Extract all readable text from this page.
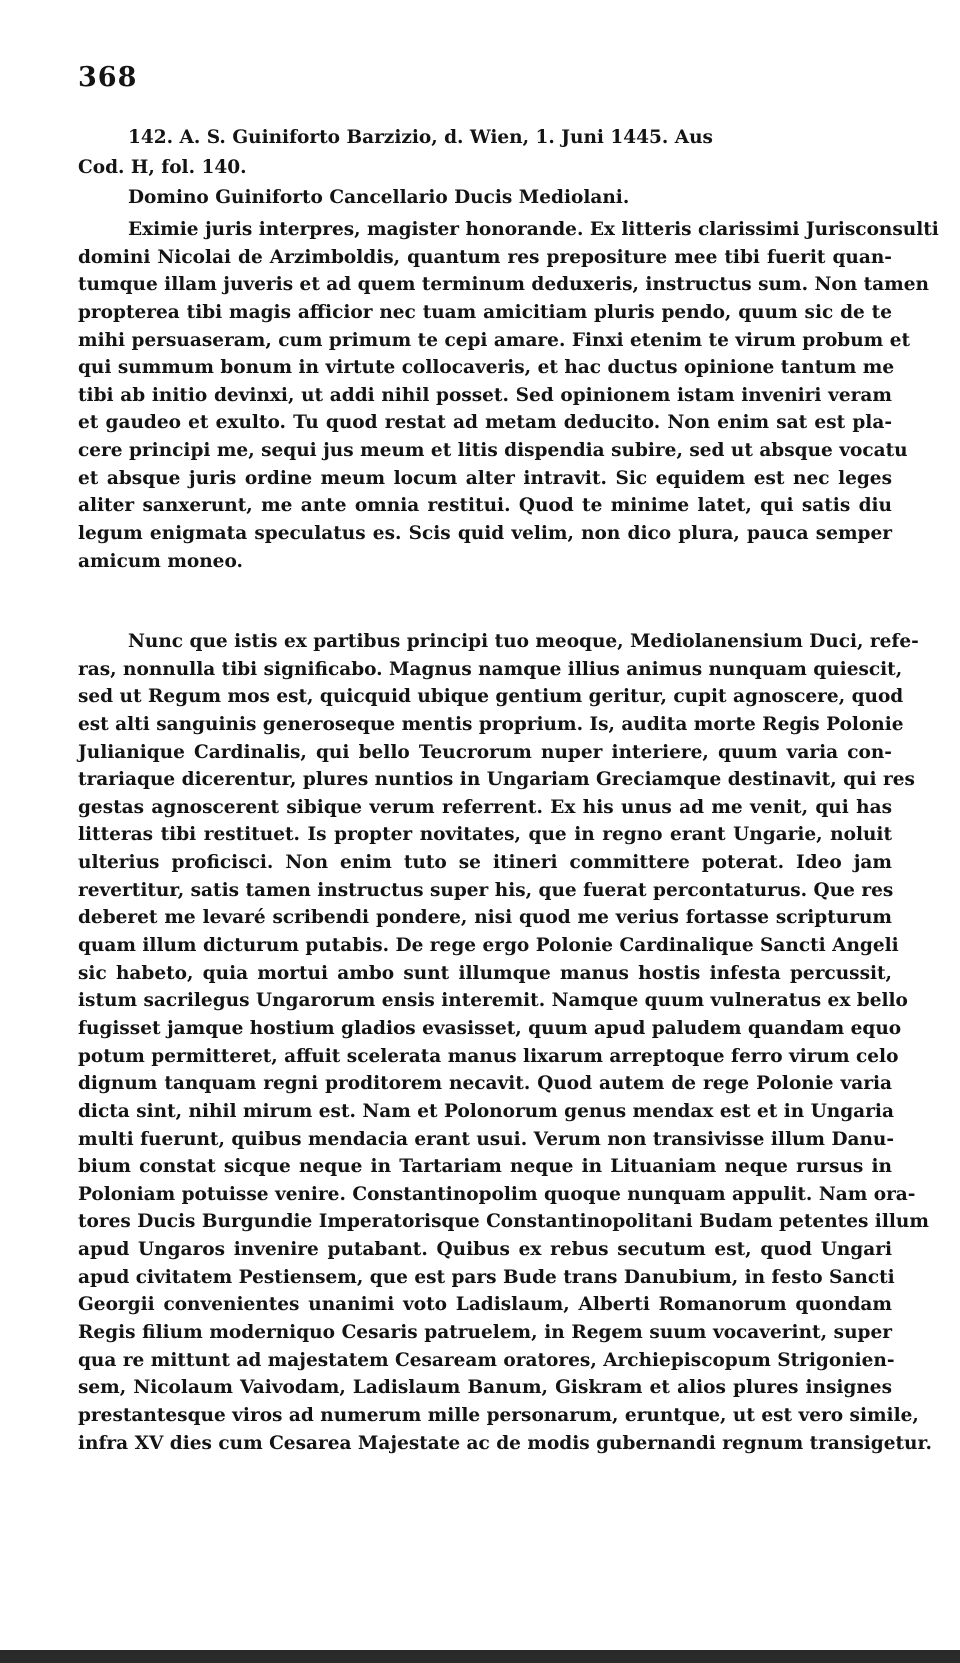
368
142. A. S. Guiniforto Barzizio, d. Wien, 1. Juni 1445. Aus
Cod. H, fol. 140.
Domino Guiniforto Cancellario Ducis Mediolani.
Eximie juris interpres, magister honorande. Ex litteris clarissimi Jurisconsulti
domini Nicolai de Arzimboldis, quantum res prepositure mee tibi fuerit quan-
tumque illam juveris et ad quem terminum deduxeris, instructus sum. Non tamen
propterea tibi magis afficior nec tuam amicitiam pluris pendo, quum sic de te
mihi persuaseram, cum primum te cepi amare. Finxi etenim te virum probum et
qui summum bonum in virtute collocaveris, et hac ductus opinione tantum me
tibi ab initio devinxi, ut addi nihil posset. Sed opinionem istam inveniri veram
et gaudeo et exulto. Tu quod restat ad metam deducito. Non enim sat est pla-
cere principi me, sequi jus meum et litis dispendia subire, sed ut absque vocatu
et absque juris ordine meum locum alter intravit. Sic equidem est nec leges
aliter sanxerunt, me ante omnia restitui. Quod te minime latet, qui satis diu
legum enigmata speculatus es. Scis quid velim, non dico plura, pauca semper
amicum moneo.
Nunc que istis ex partibus principi tuo meoque, Mediolanensium Duci, refe-
ras, nonnulla tibi significabo. Magnus namque illius animus nunquam quiescit,
sed ut Regum mos est, quicquid ubique gentium geritur, cupit agnoscere, quod
est alti sanguinis generoseque mentis proprium. Is, audita morte Regis Polonie
Julianique Cardinalis, qui bello Teucrorum nuper interiere, quum varia con-
trariaque dicerentur, plures nuntios in Ungariam Greciamque destinavit, qui res
gestas agnoscerent sibique verum referrent. Ex his unus ad me venit, qui has
litteras tibi restituet. Is propter novitates, que in regno erant Ungarie, noluit
ulterius proficisci. Non enim tuto se itineri committere poterat. Ideo jam
revertitur, satis tamen instructus super his, que fuerat percontaturus. Que res
deberet me levaré scribendi pondere, nisi quod me verius fortasse scripturum
quam illum dicturum putabis. De rege ergo Polonie Cardinalique Sancti Angeli
sic habeto, quia mortui ambo sunt illumque manus hostis infesta percussit,
istum sacrilegus Ungarorum ensis interemit. Namque quum vulneratus ex bello
fugisset jamque hostium gladios evasisset, quum apud paludem quandam equo
potum permitteret, affuit scelerata manus lixarum arreptoque ferro virum celo
dignum tanquam regni proditorem necavit. Quod autem de rege Polonie varia
dicta sint, nihil mirum est. Nam et Polonorum genus mendax est et in Ungaria
multi fuerunt, quibus mendacia erant usui. Verum non transivisse illum Danu-
bium constat sicque neque in Tartariam neque in Lituaniam neque rursus in
Poloniam potuisse venire. Constantinopolim quoque nunquam appulit. Nam ora-
tores Ducis Burgundie Imperatorisque Constantinopolitani Budam petentes illum
apud Ungaros invenire putabant. Quibus ex rebus secutum est, quod Ungari
apud civitatem Pestiensem, que est pars Bude trans Danubium, in festo Sancti
Georgii convenientes unanimi voto Ladislaum, Alberti Romanorum quondam
Regis filium moderniquo Cesaris patruelem, in Regem suum vocaverint, super
qua re mittunt ad majestatem Cesaream oratores, Archiepiscopum Strigonien-
sem, Nicolaum Vaivodam, Ladislaum Banum, Giskram et alios plures insignes
prestantesque viros ad numerum mille personarum, eruntque, ut est vero simile,
infra XV dies cum Cesarea Majestate ac de modis gubernandi regnum transigetur.
